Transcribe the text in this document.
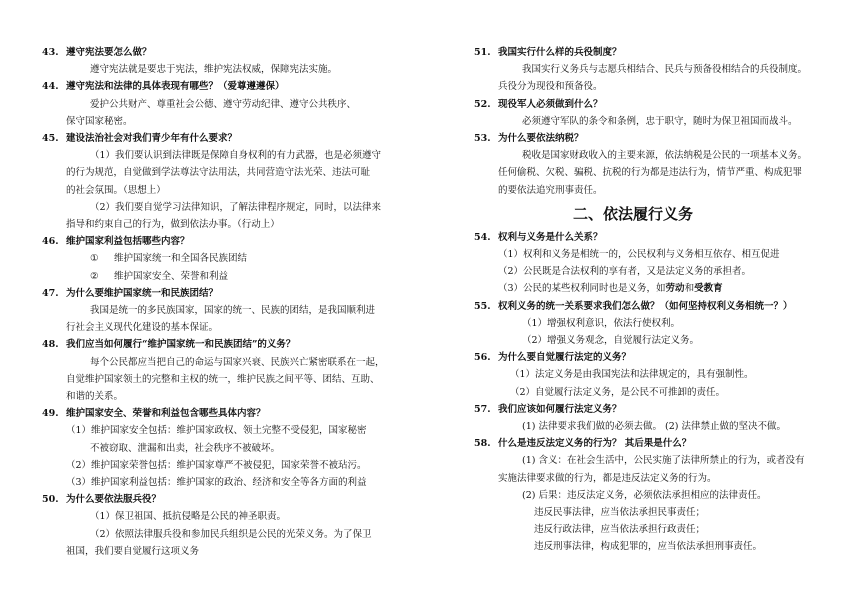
43. 遵守宪法要怎么做？
遵守宪法就是要忠于宪法，维护宪法权威，保障宪法实施。
44. 遵守宪法和法律的具体表现有哪些？（爱尊遵遵保）
爱护公共财产、尊重社会公德、遵守劳动纪律、遵守公共秩序、
保守国家秘密。
45. 建设法治社会对我们青少年有什么要求？
（1）我们要认识到法律既是保障自身权利的有力武器，也是必须遵守
的行为规范，自觉做到学法尊法守法用法，共同营造守法光荣、违法可耻
的社会氛围。（思想上）
（2）我们要自觉学习法律知识，了解法律程序规定，同时，以法律来
指导和约束自己的行为，做到依法办事。（行动上）
46. 维护国家利益包括哪些内容？
① 维护国家统一和全国各民族团结
② 维护国家安全、荣誉和利益
47. 为什么要维护国家统一和民族团结？
我国是统一的多民族国家，国家的统一、民族的团结，是我国顺利进
行社会主义现代化建设的基本保证。
48. 我们应当如何履行“维护国家统一和民族团结”的义务？
每个公民都应当把自己的命运与国家兴衰、民族兴亡紧密联系在一起，
自觉维护国家领土的完整和主权的统一，维护民族之间平等、团结、互助、
和谐的关系。
49. 维护国家安全、荣誉和利益包含哪些具体内容？
（1）维护国家安全包括：维护国家政权、领土完整不受侵犯，国家秘密
不被窃取、泄漏和出卖，社会秩序不被破坏。
（2）维护国家荣誉包括：维护国家尊严不被侵犯，国家荣誉不被玷污。
（3）维护国家利益包括：维护国家的政治、经济和安全等各方面的利益
50. 为什么要依法服兵役？
（1）保卫祖国、抵抗侵略是公民的神圣职责。
（2）依照法律服兵役和参加民兵组织是公民的光荣义务。为了保卫
祖国，我们要自觉履行这项义务
51. 我国实行什么样的兵役制度？
我国实行义务兵与志愿兵相结合、民兵与预备役相结合的兵役制度。
兵役分为现役和预备役。
52. 现役军人必须做到什么？
必须遵守军队的条令和条例，忠于职守，随时为保卫祖国而战斗。
53. 为什么要依法纳税？
税收是国家财政收入的主要来源，依法纳税是公民的一项基本义务。
任何偷税、欠税、骗税、抗税的行为都是违法行为，情节严重、构成犯罪
的要依法追究刑事责任。
二、依法履行义务
54. 权利与义务是什么关系？
（1）权利和义务是相统一的，公民权利与义务相互依存、相互促进
（2）公民既是合法权利的享有者，又是法定义务的承担者。
（3）公民的某些权利同时也是义务，如劳动和受教育
55. 权利义务的统一关系要求我们怎么做？（如何坚持权利义务相统一？）
（1）增强权利意识，依法行使权利。
（2）增强义务观念，自觉履行法定义务。
56. 为什么要自觉履行法定的义务？
（1）法定义务是由我国宪法和法律规定的，具有强制性。
（2）自觉履行法定义务，是公民不可推卸的责任。
57. 我们应该如何履行法定义务？
(1) 法律要求我们做的必须去做。 (2) 法律禁止做的坚决不做。
58. 什么是违反法定义务的行为？ 其后果是什么？
(1) 含义：在社会生活中，公民实施了法律所禁止的行为，或者没有
实施法律要求做的行为，都是违反法定义务的行为。
(2) 后果：违反法定义务，必须依法承担相应的法律责任。
违反民事法律，应当依法承担民事责任；
违反行政法律，应当依法承担行政责任；
违反刑事法律，构成犯罪的，应当依法承担刑事责任。
